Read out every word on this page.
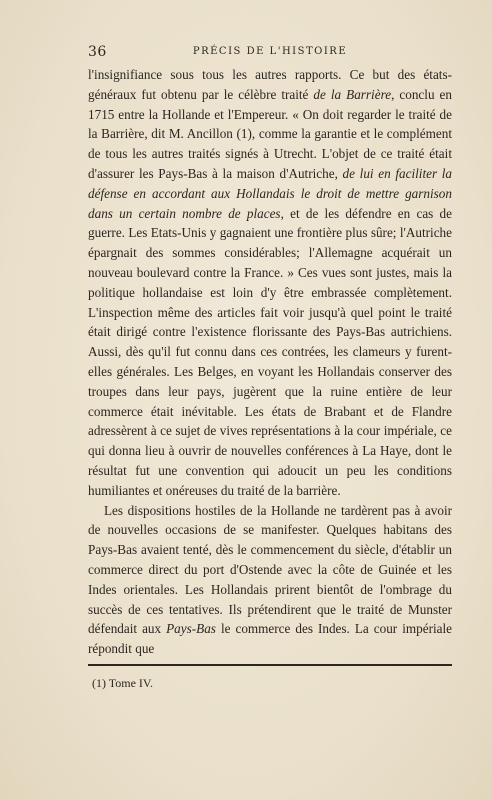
36	PRÉCIS DE L'HISTOIRE

l'insignifiance sous tous les autres rapports. Ce but des états-généraux fut obtenu par le célèbre traité de la Barrière, conclu en 1715 entre la Hollande et l'Empereur. « On doit regarder le traité de la Barrière, dit M. Ancillon (1), comme la garantie et le complément de tous les autres traités signés à Utrecht. L'objet de ce traité était d'assurer les Pays-Bas à la maison d'Autriche, de lui en faciliter la défense en accordant aux Hollandais le droit de mettre garnison dans un certain nombre de places, et de les défendre en cas de guerre. Les Etats-Unis y gagnaient une frontière plus sûre; l'Autriche épargnait des sommes considérables; l'Allemagne acquérait un nouveau boulevard contre la France. » Ces vues sont justes, mais la politique hollandaise est loin d'y être embrassée complètement. L'inspection même des articles fait voir jusqu'à quel point le traité était dirigé contre l'existence florissante des Pays-Bas autrichiens. Aussi, dès qu'il fut connu dans ces contrées, les clameurs y furent-elles générales. Les Belges, en voyant les Hollandais conserver des troupes dans leur pays, jugèrent que la ruine entière de leur commerce était inévitable. Les états de Brabant et de Flandre adressèrent à ce sujet de vives représentations à la cour impériale, ce qui donna lieu à ouvrir de nouvelles conférences à La Haye, dont le résultat fut une convention qui adoucit un peu les conditions humiliantes et onéreuses du traité de la barrière.

Les dispositions hostiles de la Hollande ne tardèrent pas à avoir de nouvelles occasions de se manifester. Quelques habitans des Pays-Bas avaient tenté, dès le commencement du siècle, d'établir un commerce direct du port d'Ostende avec la côte de Guinée et les Indes orientales. Les Hollandais prirent bientôt de l'ombrage du succès de ces tentatives. Ils prétendirent que le traité de Munster défendait aux Pays-Bas le commerce des Indes. La cour impériale répondit que

(1) Tome IV.
